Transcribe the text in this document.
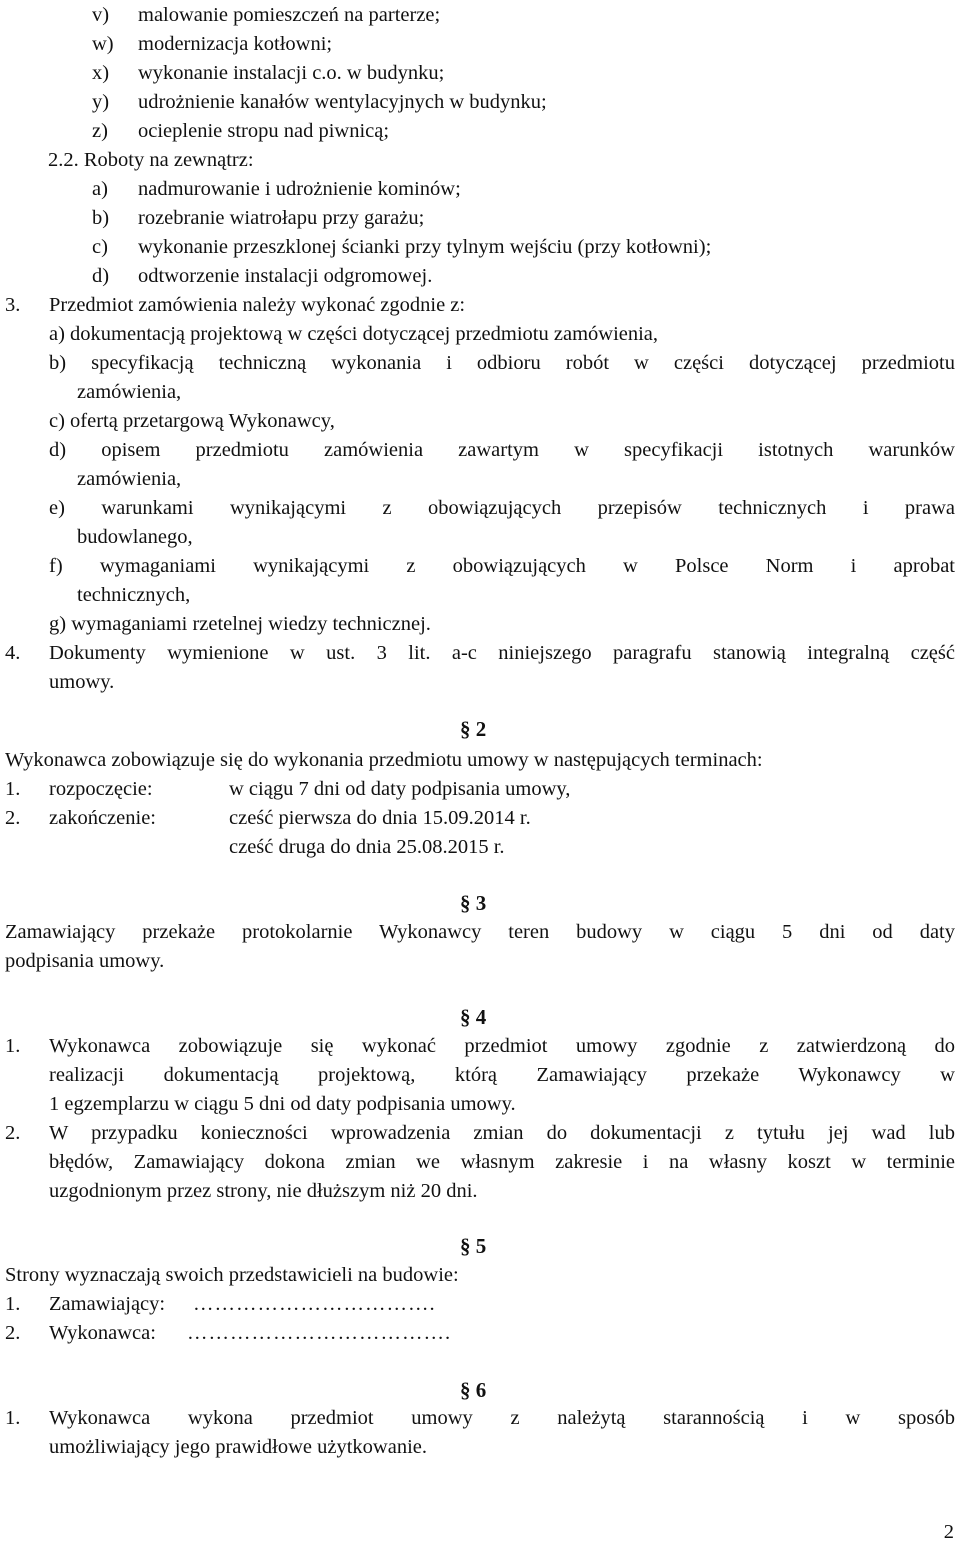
v) malowanie pomieszczeń na parterze;
w) modernizacja kotłowni;
x) wykonanie instalacji c.o. w budynku;
y) udrożnienie kanałów wentylacyjnych w budynku;
z) ocieplenie stropu nad piwnicą;
2.2. Roboty na zewnątrz:
a) nadmurowanie i udrożnienie kominów;
b) rozebranie wiatrołapu przy garażu;
c) wykonanie przeszklonej ścianki przy tylnym wejściu (przy kotłowni);
d) odtworzenie instalacji odgromowej.
3. Przedmiot zamówienia należy wykonać zgodnie z:
a) dokumentacją projektową w części dotyczącej przedmiotu zamówienia,
b) specyfikacją techniczną wykonania i odbioru robót w części dotyczącej przedmiotu
zamówienia,
c) ofertą przetargową Wykonawcy,
d) opisem przedmiotu zamówienia zawartym w specyfikacji istotnych warunków
zamówienia,
e) warunkami wynikającymi z obowiązujących przepisów technicznych i prawa
budowlanego,
f) wymaganiami wynikającymi z obowiązujących w Polsce Norm i aprobat
technicznych,
g) wymaganiami rzetelnej wiedzy technicznej.
4. Dokumenty wymienione w ust. 3 lit. a-c niniejszego paragrafu stanowią integralną część
umowy.
§ 2
Wykonawca zobowiązuje się do wykonania przedmiotu umowy w następujących terminach:
1. rozpoczęcie:	w ciągu 7 dni od daty podpisania umowy,
2. zakończenie:	cześć pierwsza do dnia 15.09.2014 r.
cześć druga do dnia 25.08.2015 r.
§ 3
Zamawiający przekaże protokolarnie Wykonawcy teren budowy w ciągu 5 dni od daty
podpisania umowy.
§ 4
1. Wykonawca zobowiązuje się wykonać przedmiot umowy zgodnie z zatwierdzoną do
realizacji dokumentacją projektową, którą Zamawiający przekaże Wykonawcy w
1 egzemplarzu w ciągu 5 dni od daty podpisania umowy.
2. W przypadku konieczności wprowadzenia zmian do dokumentacji z tytułu jej wad lub
błędów, Zamawiający dokona zmian we własnym zakresie i na własny koszt w terminie
uzgodnionym przez strony, nie dłuższym niż 20 dni.
§ 5
Strony wyznaczają swoich przedstawicieli na budowie:
1. Zamawiający: …………………………….
2. Wykonawca: ……………………………….
§ 6
1. Wykonawca wykona przedmiot umowy z należytą starannością i w sposób
umożliwiający jego prawidłowe użytkowanie.
2
